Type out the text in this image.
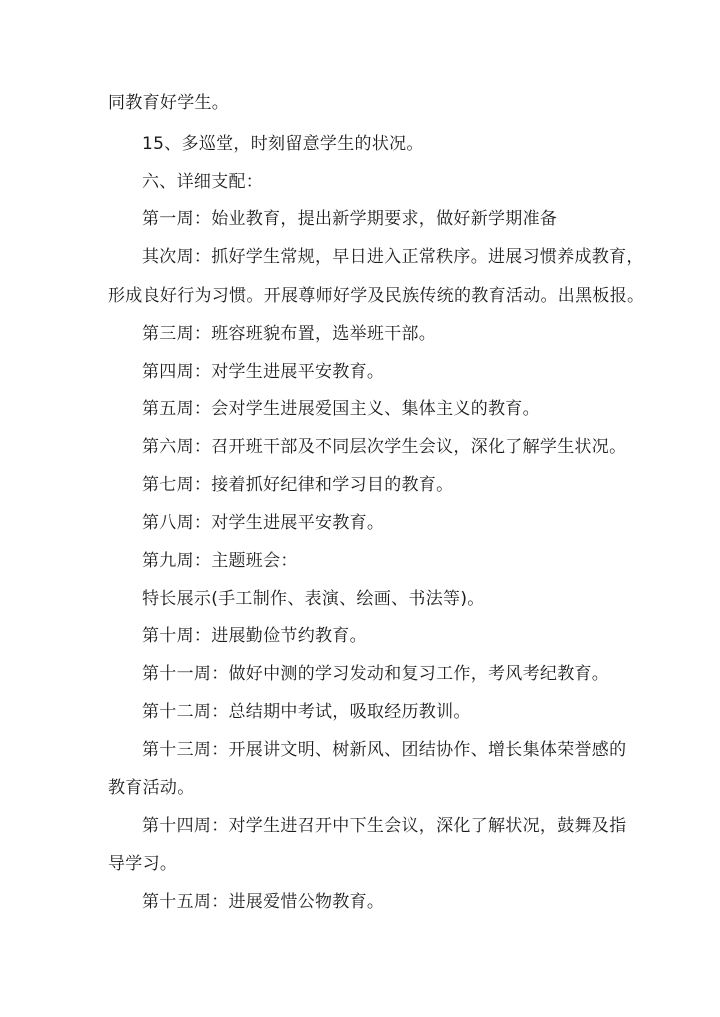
同教育好学生。
15、多巡堂，时刻留意学生的状况。
六、详细支配：
第一周：始业教育，提出新学期要求，做好新学期准备
其次周：抓好学生常规，早日进入正常秩序。进展习惯养成教育，
形成良好行为习惯。开展尊师好学及民族传统的教育活动。出黑板报。
第三周：班容班貌布置，选举班干部。
第四周：对学生进展平安教育。
第五周：会对学生进展爱国主义、集体主义的教育。
第六周：召开班干部及不同层次学生会议，深化了解学生状况。
第七周：接着抓好纪律和学习目的教育。
第八周：对学生进展平安教育。
第九周：主题班会：
特长展示(手工制作、表演、绘画、书法等)。
第十周：进展勤俭节约教育。
第十一周：做好中测的学习发动和复习工作，考风考纪教育。
第十二周：总结期中考试，吸取经历教训。
第十三周：开展讲文明、树新风、团结协作、增长集体荣誉感的
教育活动。
第十四周：对学生进召开中下生会议，深化了解状况，鼓舞及指
导学习。
第十五周：进展爱惜公物教育。
